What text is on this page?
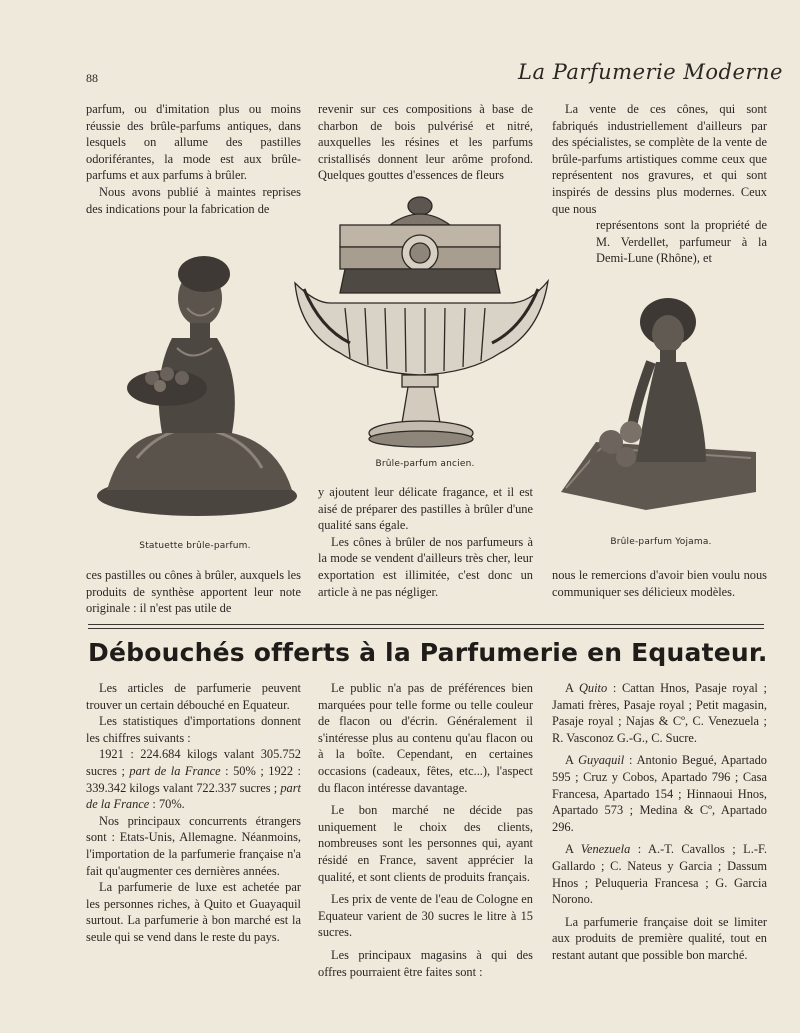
88	La Parfumerie Moderne

parfum, ou d'imitation plus ou moins réussie des brûle-parfums antiques, dans lesquels on allume des pastilles odoriférantes, la mode est aux brûle-parfums et aux parfums à brûler.

Nous avons publié à maintes reprises des indications pour la fabrication de

revenir sur ces compositions à base de charbon de bois pulvérisé et nitré, auxquelles les résines et les parfums cristallisés donnent leur arôme profond. Quelques gouttes d'essences de fleurs

La vente de ces cônes, qui sont fabriqués industriellement d'ailleurs par des spécialistes, se complète de la vente de brûle-parfums artistiques comme ceux que représentent nos gravures, et qui sont inspirés de dessins plus modernes. Ceux que nous

représentons sont la propriété de M. Verdellet, parfumeur à la Demi-Lune (Rhône), et

Statuette brûle-parfum.
Brûle-parfum ancien.
Brûle-parfum Yojama.

ces pastilles ou cônes à brûler, auxquels les produits de synthèse apportent leur note originale : il n'est pas utile de

y ajoutent leur délicate fragance, et il est aisé de préparer des pastilles à brûler d'une qualité sans égale.

Les cônes à brûler de nos parfumeurs à la mode se vendent d'ailleurs très cher, leur exportation est illimitée, c'est donc un article à ne pas négliger.

nous le remercions d'avoir bien voulu nous communiquer ses délicieux modèles.

Débouchés offerts à la Parfumerie en Equateur.

Les articles de parfumerie peuvent trouver un certain débouché en Equateur.

Les statistiques d'importations donnent les chiffres suivants :

1921 : 224.684 kilogs valant 305.752 sucres ; part de la France : 50% ; 1922 : 339.342 kilogs valant 722.337 sucres ; part de la France : 70%.

Nos principaux concurrents étrangers sont : Etats-Unis, Allemagne. Néanmoins, l'importation de la parfumerie française n'a fait qu'augmenter ces dernières années.

La parfumerie de luxe est achetée par les personnes riches, à Quito et Guayaquil surtout. La parfumerie à bon marché est la seule qui se vend dans le reste du pays.

Le public n'a pas de préférences bien marquées pour telle forme ou telle couleur de flacon ou d'écrin. Généralement il s'intéresse plus au contenu qu'au flacon ou à la boîte. Cependant, en certaines occasions (cadeaux, fêtes, etc...), l'aspect du flacon intéresse davantage.

Le bon marché ne décide pas uniquement le choix des clients, nombreuses sont les personnes qui, ayant résidé en France, savent apprécier la qualité, et sont clients de produits français.

Les prix de vente de l'eau de Cologne en Equateur varient de 30 sucres le litre à 15 sucres.

Les principaux magasins à qui des offres pourraient être faites sont :

A Quito : Cattan Hnos, Pasaje royal ; Jamati frères, Pasaje royal ; Petit magasin, Pasaje royal ; Najas & Cº, C. Venezuela ; R. Vasconoz G.-G., C. Sucre.

A Guyaquil : Antonio Begué, Apartado 595 ; Cruz y Cobos, Apartado 796 ; Casa Francesa, Apartado 154 ; Hinnaoui Hnos, Apartado 573 ; Medina & Cº, Apartado 296.

A Venezuela : A.-T. Cavallos ; L.-F. Gallardo ; C. Nateus y Garcia ; Dassum Hnos ; Peluqueria Francesa ; G. Garcia Norono.

La parfumerie française doit se limiter aux produits de première qualité, tout en restant autant que possible bon marché.
